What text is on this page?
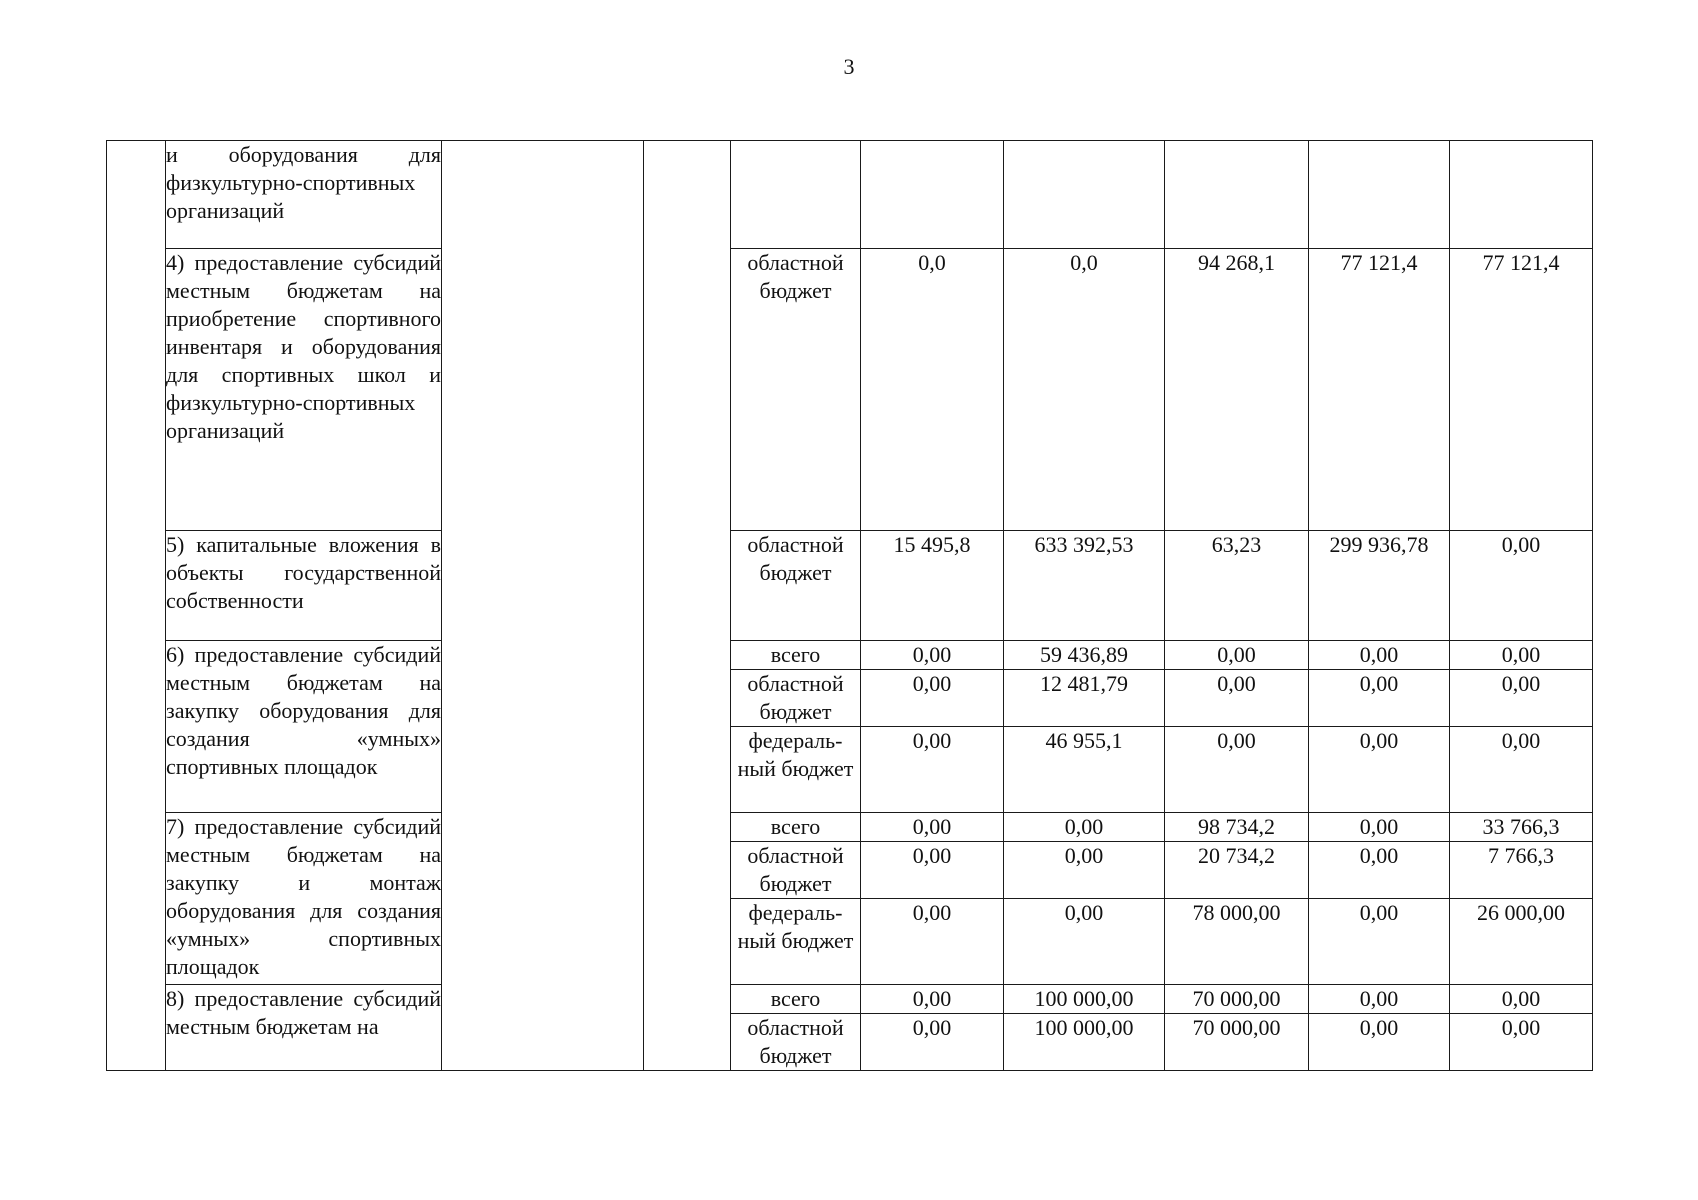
3
	и оборудования для физкультурно-спортивных организаций								
	4) предоставление субсидий местным бюджетам на приобретение спортивного инвентаря и оборудования для спортивных школ и физкультурно-спортивных организаций			областной бюджет	0,0	0,0	94 268,1	77 121,4	77 121,4
	5) капитальные вложения в объекты государственной собственности			областной бюджет	15 495,8	633 392,53	63,23	299 936,78	0,00
	6) предоставление субсидий местным бюджетам на закупку оборудования для создания «умных» спортивных площадок			всего	0,00	59 436,89	0,00	0,00	0,00
				областной бюджет	0,00	12 481,79	0,00	0,00	0,00
				федераль-ный бюджет	0,00	46 955,1	0,00	0,00	0,00
	7) предоставление субсидий местным бюджетам на закупку и монтаж оборудования для создания «умных» спортивных площадок			всего	0,00	0,00	98 734,2	0,00	33 766,3
				областной бюджет	0,00	0,00	20 734,2	0,00	7 766,3
				федераль-ный бюджет	0,00	0,00	78 000,00	0,00	26 000,00
	8) предоставление субсидий местным бюджетам на			всего	0,00	100 000,00	70 000,00	0,00	0,00
				областной бюджет	0,00	100 000,00	70 000,00	0,00	0,00
